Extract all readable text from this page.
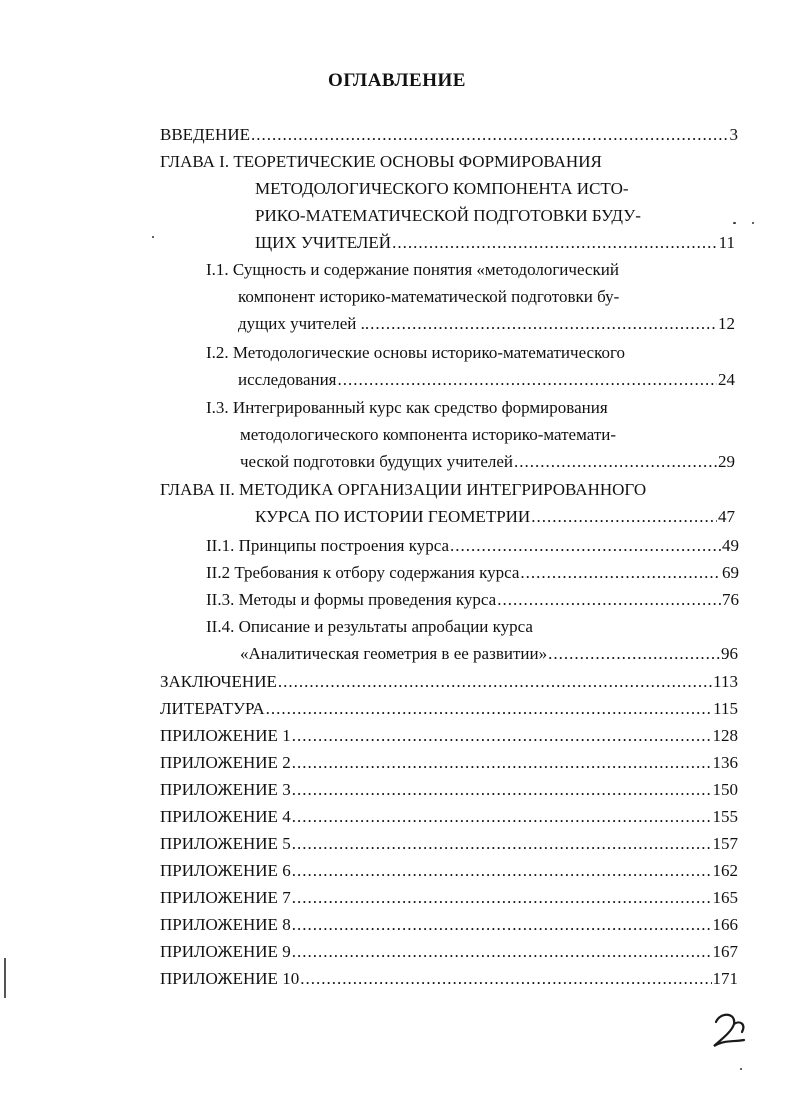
ОГЛАВЛЕНИЕ
ВВЕДЕНИЕ .....	3
ГЛАВА I. ТЕОРЕТИЧЕСКИЕ ОСНОВЫ ФОРМИРОВАНИЯ
МЕТОДОЛОГИЧЕСКОГО КОМПОНЕНТА ИСТО-
РИКО-МАТЕМАТИЧЕСКОЙ ПОДГОТОВКИ БУДУ-
ЩИХ УЧИТЕЛЕЙ .....	11
I.1. Сущность и содержание понятия «методологический
компонент историко-математической подготовки бу-
дущих учителей .. .....	12
I.2. Методологические основы историко-математического
исследования .....	24
I.3. Интегрированный курс как средство формирования
методологического компонента историко-математи-
ческой подготовки будущих учителей .....	29
ГЛАВА II. МЕТОДИКА ОРГАНИЗАЦИИ ИНТЕГРИРОВАННОГО
КУРСА ПО ИСТОРИИ ГЕОМЕТРИИ .....	47
II.1. Принципы построения курса .....	49
II.2 Требования к отбору содержания курса .....	69
II.3. Методы и формы проведения курса .....	76
II.4. Описание и результаты апробации курса
«Аналитическая геометрия в ее развитии» .....	96
ЗАКЛЮЧЕНИЕ .....	113
ЛИТЕРАТУРА .....	115
ПРИЛОЖЕНИЕ 1 .....	128
ПРИЛОЖЕНИЕ 2 .....	136
ПРИЛОЖЕНИЕ 3 .....	150
ПРИЛОЖЕНИЕ 4 .....	155
ПРИЛОЖЕНИЕ 5 .....	157
ПРИЛОЖЕНИЕ 6 .....	162
ПРИЛОЖЕНИЕ 7 .....	165
ПРИЛОЖЕНИЕ 8 .....	166
ПРИЛОЖЕНИЕ 9 .....	167
ПРИЛОЖЕНИЕ 10 .....	171
